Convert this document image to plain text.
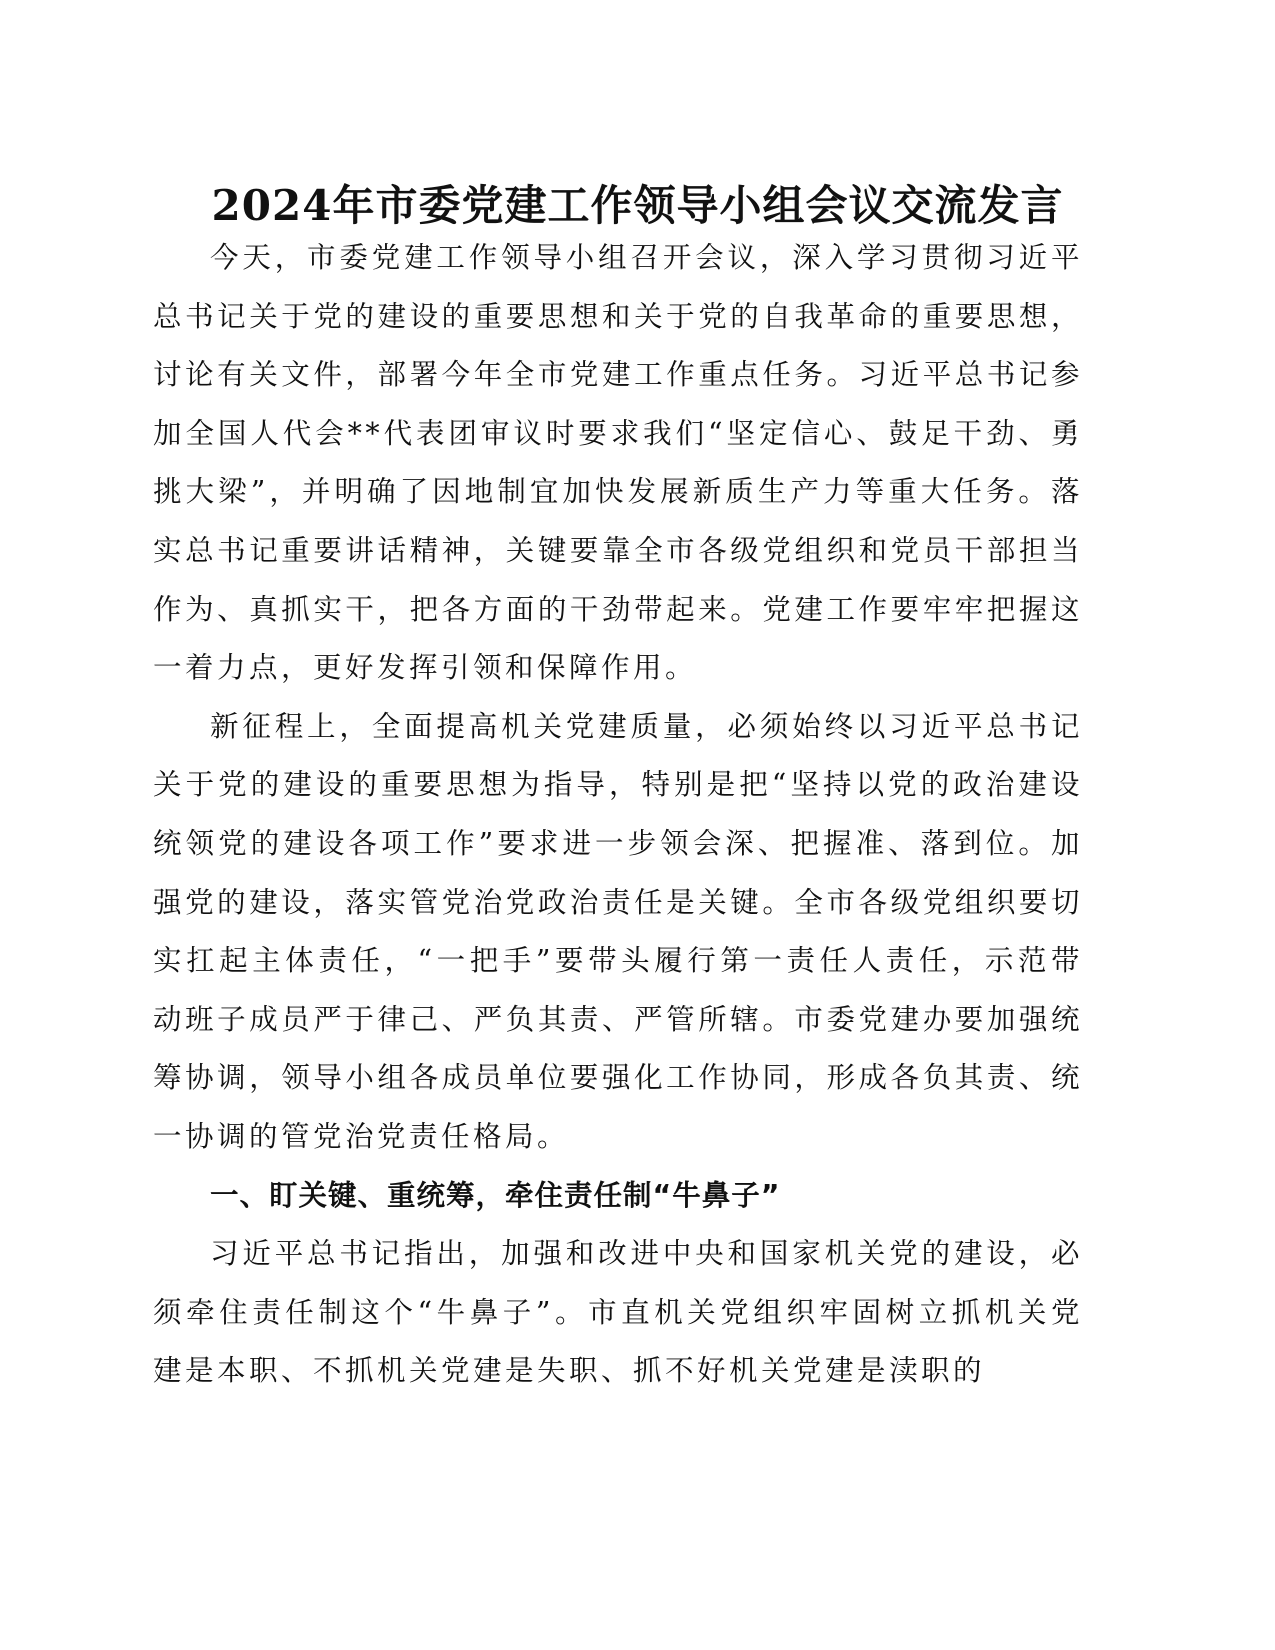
2024年市委党建工作领导小组会议交流发言

今天，市委党建工作领导小组召开会议，深入学习贯彻习近平总书记关于党的建设的重要思想和关于党的自我革命的重要思想，讨论有关文件，部署今年全市党建工作重点任务。习近平总书记参加全国人代会**代表团审议时要求我们“坚定信心、鼓足干劲、勇挑大梁”，并明确了因地制宜加快发展新质生产力等重大任务。落实总书记重要讲话精神，关键要靠全市各级党组织和党员干部担当作为、真抓实干，把各方面的干劲带起来。党建工作要牢牢把握这一着力点，更好发挥引领和保障作用。

新征程上，全面提高机关党建质量，必须始终以习近平总书记关于党的建设的重要思想为指导，特别是把“坚持以党的政治建设统领党的建设各项工作”要求进一步领会深、把握准、落到位。加强党的建设，落实管党治党政治责任是关键。全市各级党组织要切实扛起主体责任，“一把手”要带头履行第一责任人责任，示范带动班子成员严于律己、严负其责、严管所辖。市委党建办要加强统筹协调，领导小组各成员单位要强化工作协同，形成各负其责、统一协调的管党治党责任格局。

一、盯关键、重统筹，牵住责任制“牛鼻子”

习近平总书记指出，加强和改进中央和国家机关党的建设，必须牵住责任制这个“牛鼻子”。市直机关党组织牢固树立抓机关党建是本职、不抓机关党建是失职、抓不好机关党建是渎职的
